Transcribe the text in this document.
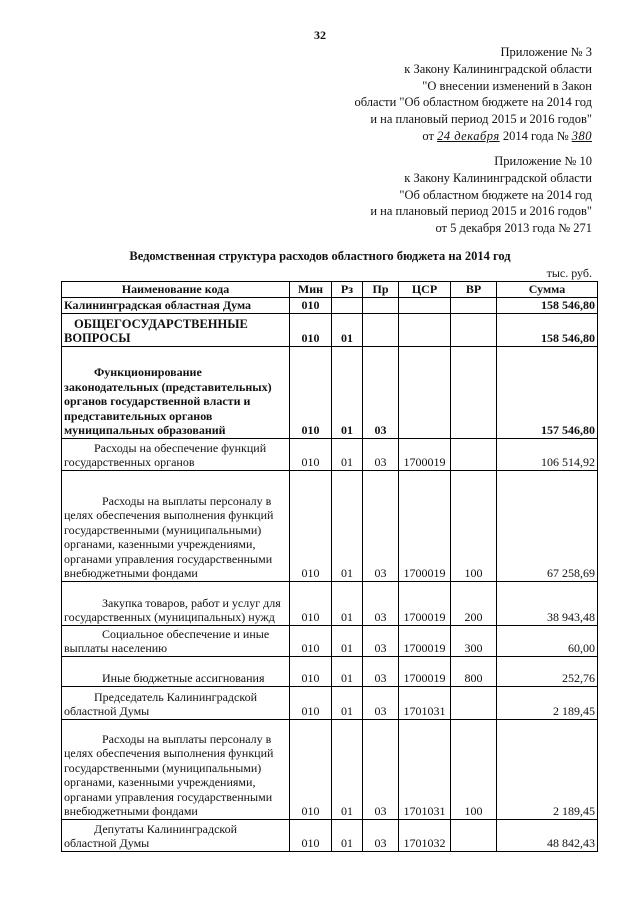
32
Приложение № 3
к Закону Калининградской области
"О внесении изменений в Закон
области "Об областном бюджете на 2014 год
и на плановый период 2015 и 2016 годов"
от 24 декабря 2014 года № 380
Приложение № 10
к Закону Калининградской области
"Об областном бюджете на 2014 год
и на плановый период 2015 и 2016 годов"
от 5 декабря 2013 года № 271
Ведомственная структура расходов областного бюджета на 2014 год
тыс. руб.
Наименование кода	Мин	Рз	Пр	ЦСР	ВР	Сумма
Калининградская областная Дума	010					158 546,80
ОБЩЕГОСУДАРСТВЕННЫЕ ВОПРОСЫ	010	01				158 546,80
Функционирование законодательных (представительных) органов государственной власти и представительных органов муниципальных образований	010	01	03			157 546,80
Расходы на обеспечение функций государственных органов	010	01	03	1700019		106 514,92
Расходы на выплаты персоналу в целях обеспечения выполнения функций государственными (муниципальными) органами, казенными учреждениями, органами управления государственными внебюджетными фондами	010	01	03	1700019	100	67 258,69
Закупка товаров, работ и услуг для государственных (муниципальных) нужд	010	01	03	1700019	200	38 943,48
Социальное обеспечение и иные выплаты населению	010	01	03	1700019	300	60,00
Иные бюджетные ассигнования	010	01	03	1700019	800	252,76
Председатель Калининградской областной Думы	010	01	03	1701031		2 189,45
Расходы на выплаты персоналу в целях обеспечения выполнения функций государственными (муниципальными) органами, казенными учреждениями, органами управления государственными внебюджетными фондами	010	01	03	1701031	100	2 189,45
Депутаты Калининградской областной Думы	010	01	03	1701032		48 842,43
